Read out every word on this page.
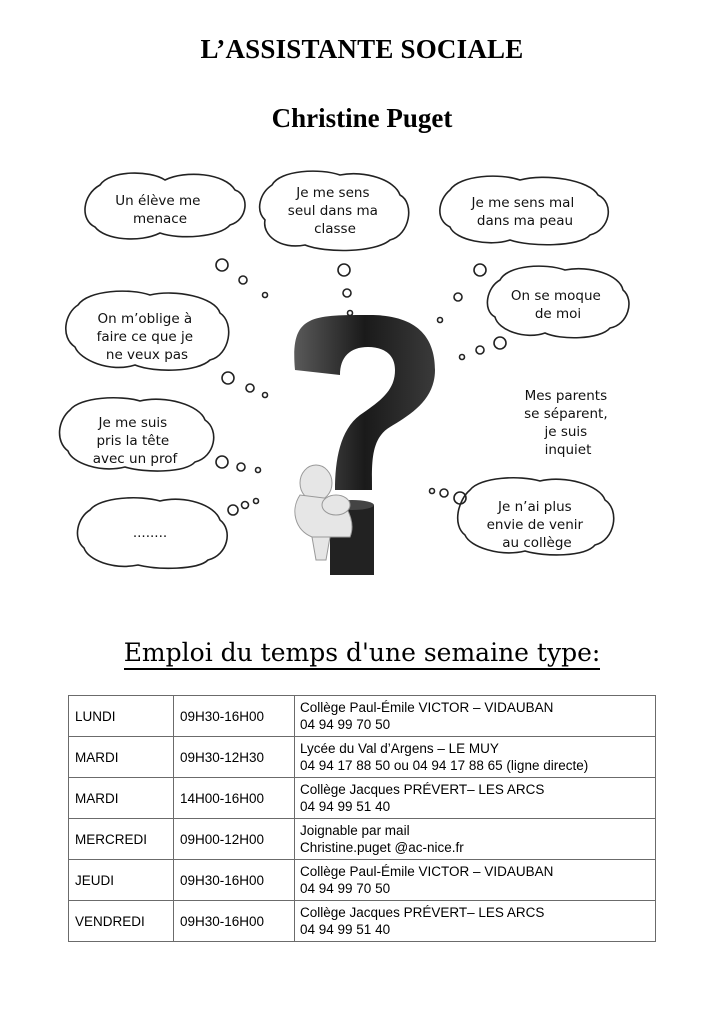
L’ASSISTANTE SOCIALE
Christine Puget
Un élève me menace
Je me sens seul dans ma classe
Je me sens mal dans ma peau
On se moque de moi
On m’oblige à faire ce que je ne veux pas
Mes parents se séparent, je suis inquiet
Je me suis pris la tête avec un prof
Je n’ai plus envie de venir au collège
........
Emploi du temps d'une semaine type:
LUNDI	09H30-16H00	Collège Paul-Émile VICTOR – VIDAUBAN
04 94 99 70 50

MARDI	09H30-12H30	Lycée du Val d’Argens – LE MUY
04 94 17 88 50 ou 04 94 17 88 65 (ligne directe)

MARDI	14H00-16H00	Collège Jacques PRÉVERT– LES ARCS
04 94 99 51 40

MERCREDI	09H00-12H00	Joignable par mail
Christine.puget @ac-nice.fr

JEUDI	09H30-16H00	Collège Paul-Émile VICTOR – VIDAUBAN
04 94 99 70 50

VENDREDI	09H30-16H00	Collège Jacques PRÉVERT– LES ARCS
04 94 99 51 40
